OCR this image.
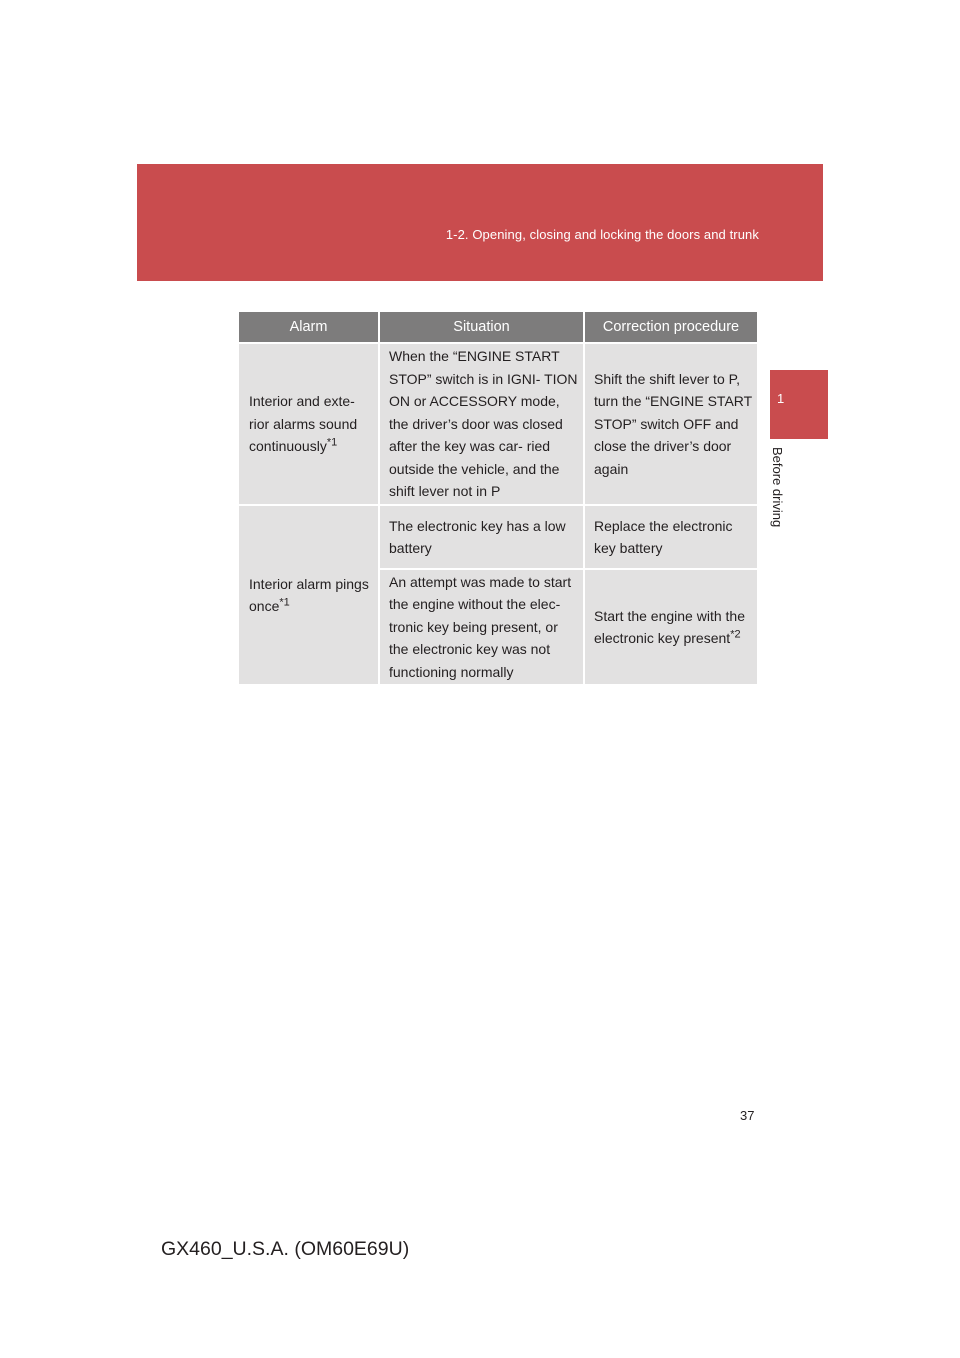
1-2. Opening, closing and locking the doors and trunk
1
Before driving
Alarm	Situation	Correction procedure
Interior and exte- rior alarms sound continuously$^{*1}$	When the “ENGINE START STOP” switch is in IGNI- TION ON or ACCESSORY mode, the driver’s door was closed after the key was car- ried outside the vehicle, and the shift lever not in P	Shift the shift lever to P, turn the “ENGINE START STOP” switch OFF and close the driver’s door again
Interior alarm pings once$^{*1}$	The electronic key has a low battery	Replace the electronic key battery
	An attempt was made to start the engine without the elec- tronic key being present, or the electronic key was not functioning normally	Start the engine with the electronic key present$^{*2}$
37
GX460_U.S.A. (OM60E69U)
